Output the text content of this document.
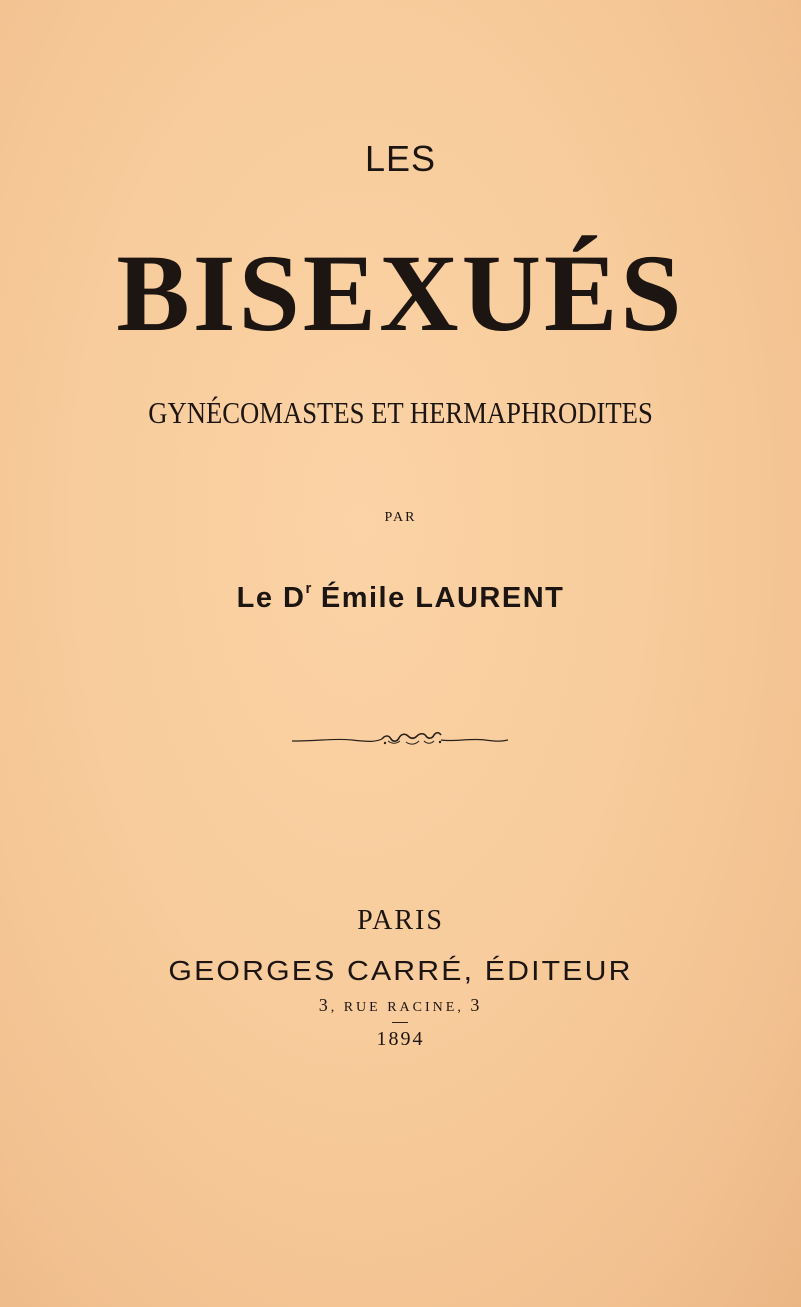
LES
BISEXUÉS
GYNÉCOMASTES ET HERMAPHRODITES
PAR
Le $D^r$ Émile LAURENT
PARIS
GEORGES CARRÉ, ÉDITEUR
3, RUE RACINE, 3
1894
